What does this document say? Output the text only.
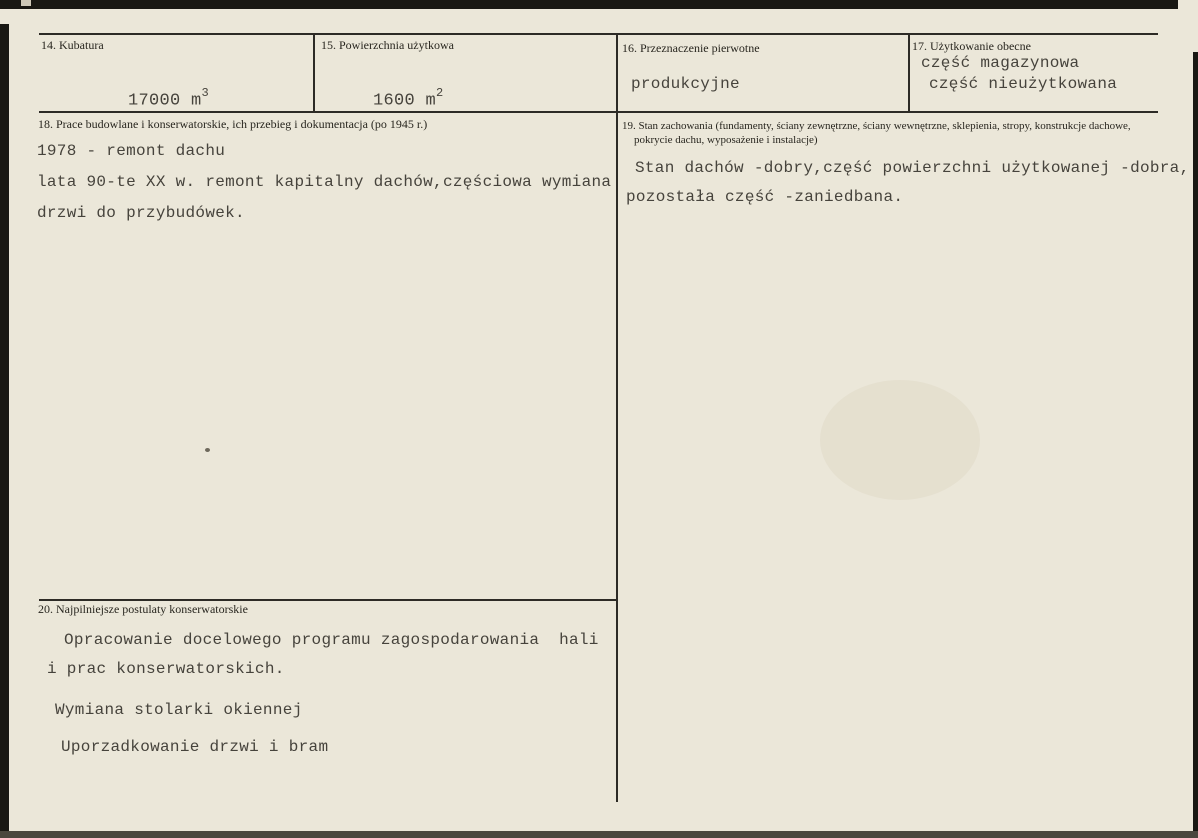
14. Kubatura

17000 $m^3$

15. Powierzchnia użytkowa

1600 $m^2$

16. Przeznaczenie pierwotne
produkcyjne
17. Użytkowanie obecne
część magazynowa
część nieużytkowana
18. Prace budowlane i konserwatorskie, ich przebieg i dokumentacja (po 1945 r.)
1978 - remont dachu
lata 90-te XX w. remont kapitalny dachów,częściowa wymiana
drzwi do przybudówek.
19. Stan zachowania (fundamenty, ściany zewnętrzne, ściany wewnętrzne, sklepienia, stropy, konstrukcje dachowe,
pokrycie dachu, wyposażenie i instalacje)
Stan dachów -dobry,część powierzchni użytkowanej -dobra,
pozostała część -zaniedbana.
20. Najpilniejsze postulaty konserwatorskie
Opracowanie docelowego programu zagospodarowania  hali
i prac konserwatorskich.
Wymiana stolarki okiennej
Uporzadkowanie drzwi i bram
